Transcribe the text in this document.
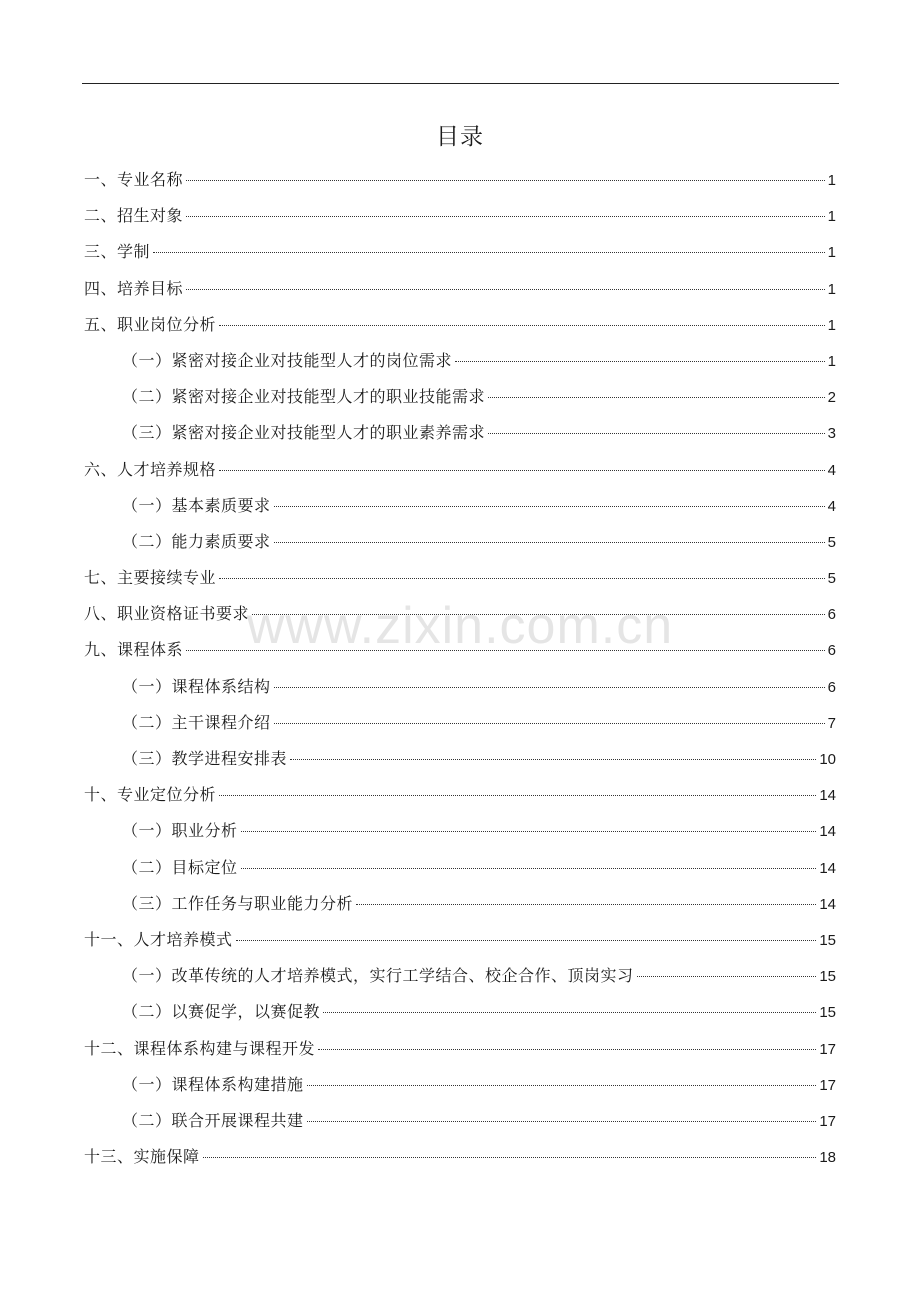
目录
一、专业名称	1
二、招生对象	1
三、学制	1
四、培养目标	1
五、职业岗位分析	1
（一）紧密对接企业对技能型人才的岗位需求	1
（二）紧密对接企业对技能型人才的职业技能需求	2
（三）紧密对接企业对技能型人才的职业素养需求	3
六、人才培养规格	4
（一）基本素质要求	4
（二）能力素质要求	5
七、主要接续专业	5
八、职业资格证书要求	6
九、课程体系	6
（一）课程体系结构	6
（二）主干课程介绍	7
（三）教学进程安排表	10
十、专业定位分析	14
（一）职业分析	14
（二）目标定位	14
（三）工作任务与职业能力分析	14
十一、人才培养模式	15
（一）改革传统的人才培养模式，实行工学结合、校企合作、顶岗实习	15
（二）以赛促学，以赛促教	15
十二、课程体系构建与课程开发	17
（一）课程体系构建措施	17
（二）联合开展课程共建	17
十三、实施保障	18
www.zixin.com.cn
